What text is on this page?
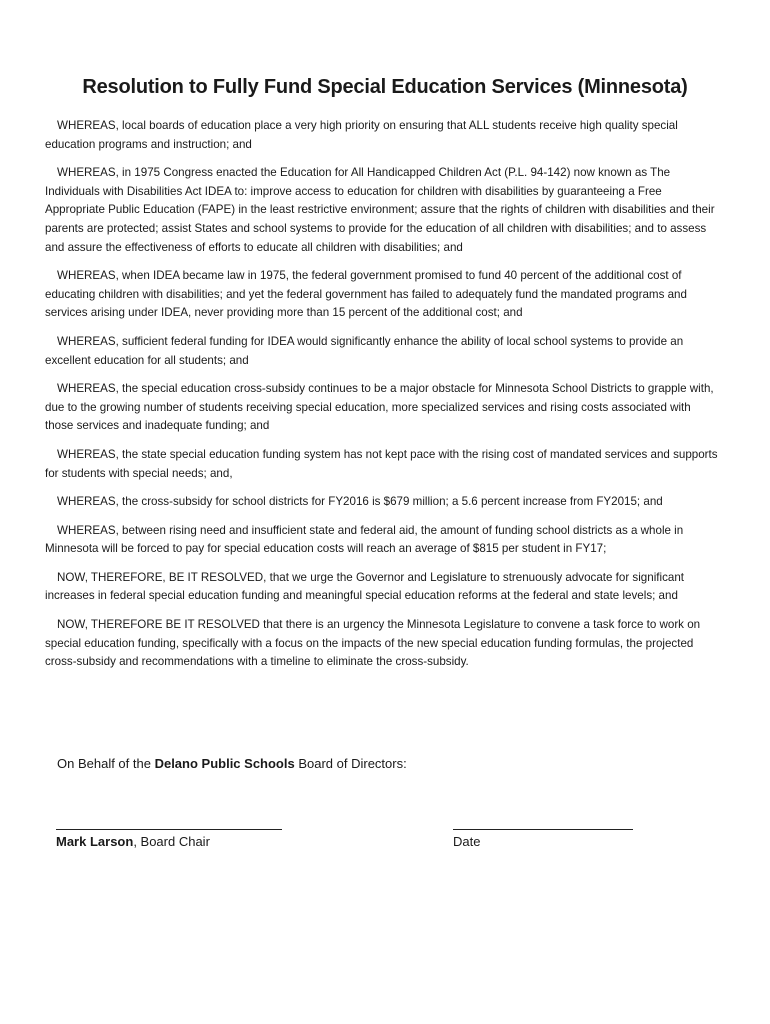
Resolution to Fully Fund Special Education Services (Minnesota)

WHEREAS, local boards of education place a very high priority on ensuring that ALL students receive high quality special education programs and instruction; and

WHEREAS, in 1975 Congress enacted the Education for All Handicapped Children Act (P.L. 94-142) now known as The Individuals with Disabilities Act IDEA to: improve access to education for children with disabilities by guaranteeing a Free Appropriate Public Education (FAPE) in the least restrictive environment; assure that the rights of children with disabilities and their parents are protected; assist States and school systems to provide for the education of all children with disabilities; and to assess and assure the effectiveness of efforts to educate all children with disabilities; and

WHEREAS, when IDEA became law in 1975, the federal government promised to fund 40 percent of the additional cost of educating children with disabilities; and yet the federal government has failed to adequately fund the mandated programs and services arising under IDEA, never providing more than 15 percent of the additional cost; and

WHEREAS, sufficient federal funding for IDEA would significantly enhance the ability of local school systems to provide an excellent education for all students; and

WHEREAS, the special education cross-subsidy continues to be a major obstacle for Minnesota School Districts to grapple with, due to the growing number of students receiving special education, more specialized services and rising costs associated with those services and inadequate funding; and

WHEREAS, the state special education funding system has not kept pace with the rising cost of mandated services and supports for students with special needs; and,

WHEREAS, the cross-subsidy for school districts for FY2016 is $679 million; a 5.6 percent increase from FY2015; and

WHEREAS, between rising need and insufficient state and federal aid, the amount of funding school districts as a whole in Minnesota will be forced to pay for special education costs will reach an average of $815 per student in FY17;

NOW, THEREFORE, BE IT RESOLVED, that we urge the Governor and Legislature to strenuously advocate for significant increases in federal special education funding and meaningful special education reforms at the federal and state levels; and

NOW, THEREFORE BE IT RESOLVED that there is an urgency the Minnesota Legislature to convene a task force to work on special education funding, specifically with a focus on the impacts of the new special education funding formulas, the projected cross-subsidy and recommendations with a timeline to eliminate the cross-subsidy.

On Behalf of the Delano Public Schools Board of Directors:
Mark Larson, Board Chair	Date
